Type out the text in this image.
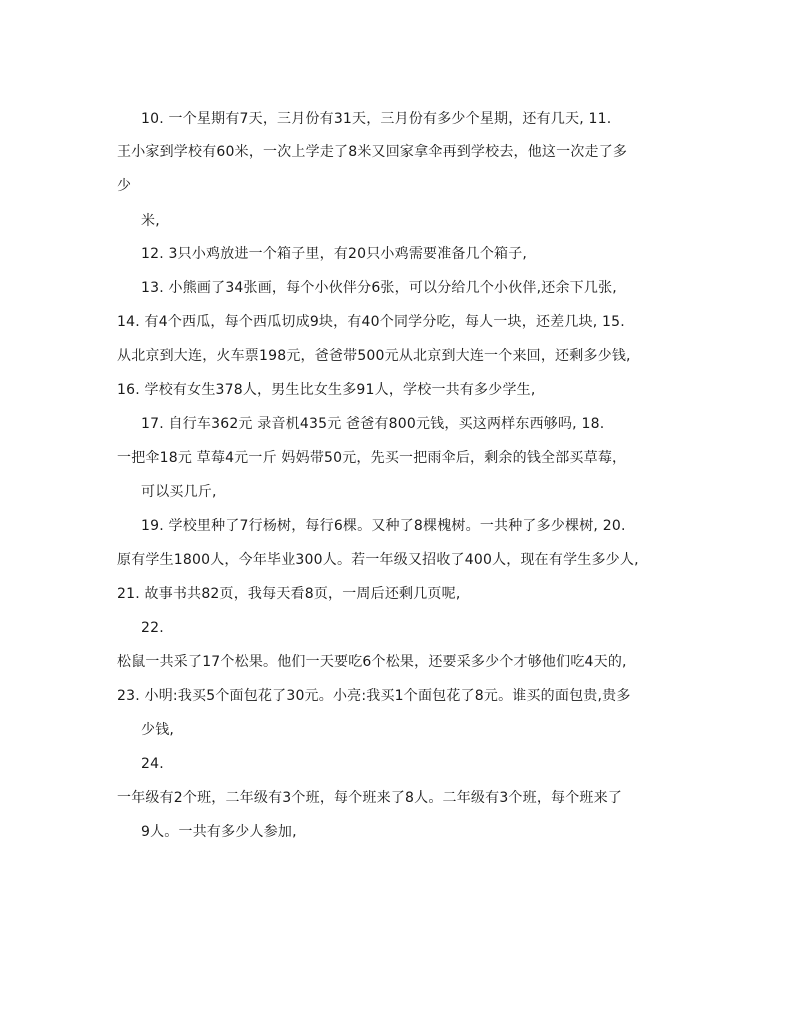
10. 一个星期有7天，三月份有31天，三月份有多少个星期，还有几天, 11.
王小家到学校有60米，一次上学走了8米又回家拿伞再到学校去，他这一次走了多
少
米,
12. 3只小鸡放进一个箱子里，有20只小鸡需要准备几个箱子,
13. 小熊画了34张画，每个小伙伴分6张，可以分给几个小伙伴,还余下几张,
14. 有4个西瓜，每个西瓜切成9块，有40个同学分吃，每人一块，还差几块, 15.
从北京到大连，火车票198元，爸爸带500元从北京到大连一个来回，还剩多少钱,
16. 学校有女生378人，男生比女生多91人，学校一共有多少学生,
17. 自行车362元 录音机435元 爸爸有800元钱，买这两样东西够吗, 18.
一把伞18元 草莓4元一斤 妈妈带50元，先买一把雨伞后，剩余的钱全部买草莓，
可以买几斤,
19. 学校里种了7行杨树，每行6棵。又种了8棵槐树。一共种了多少棵树, 20.
原有学生1800人，今年毕业300人。若一年级又招收了400人，现在有学生多少人,
21. 故事书共82页，我每天看8页，一周后还剩几页呢,
22.
松鼠一共采了17个松果。他们一天要吃6个松果，还要采多少个才够他们吃4天的,
23. 小明:我买5个面包花了30元。小亮:我买1个面包花了8元。谁买的面包贵,贵多
少钱,
24.
一年级有2个班，二年级有3个班，每个班来了8人。二年级有3个班，每个班来了
9人。一共有多少人参加,
